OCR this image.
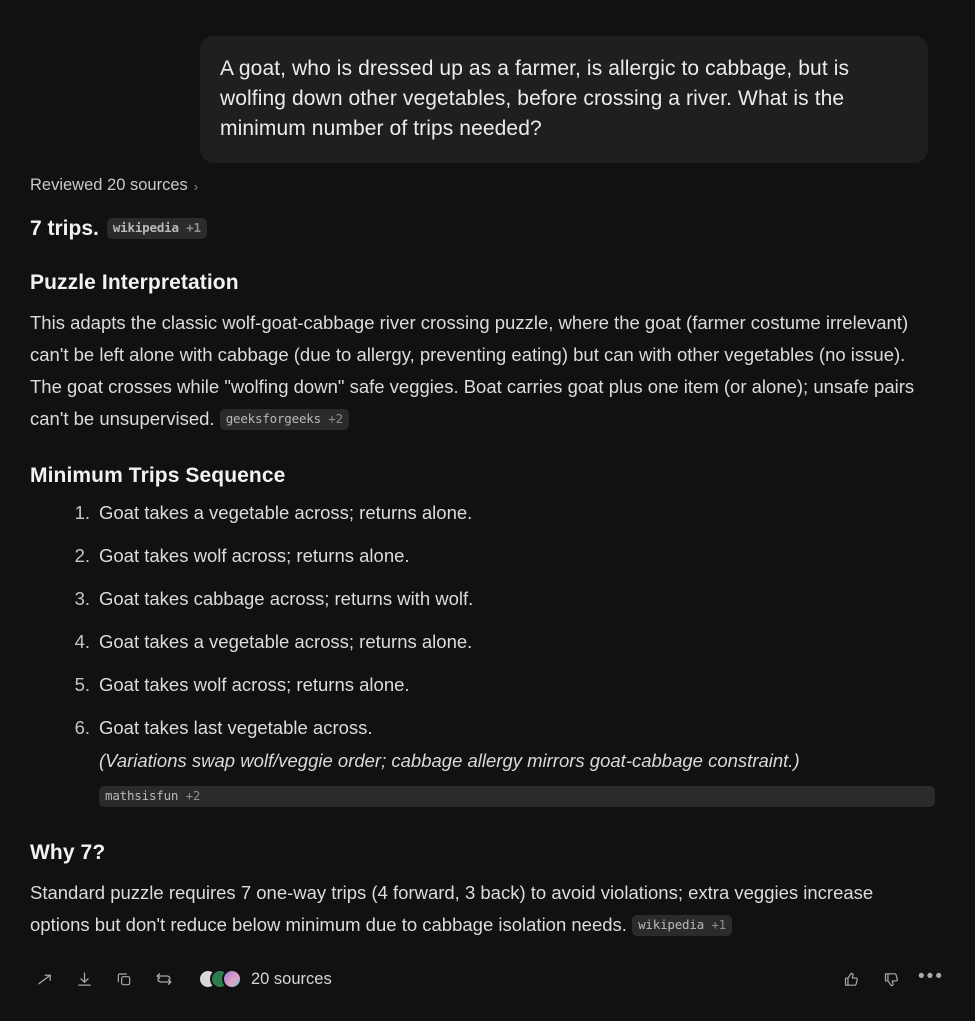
A goat, who is dressed up as a farmer, is allergic to cabbage, but is wolfing down other vegetables, before crossing a river. What is the minimum number of trips needed?
Reviewed 20 sources ›
7 trips.	wikipedia +1
Puzzle Interpretation

This adapts the classic wolf-goat-cabbage river crossing puzzle, where the goat (farmer costume irrelevant) can't be left alone with cabbage (due to allergy, preventing eating) but can with other vegetables (no issue). The goat crosses while "wolfing down" safe veggies. Boat carries goat plus one item (or alone); unsafe pairs can't be unsupervised. geeksforgeeks +2

Minimum Trips Sequence
Goat takes a vegetable across; returns alone.
Goat takes wolf across; returns alone.
Goat takes cabbage across; returns with wolf.
Goat takes a vegetable across; returns alone.
Goat takes wolf across; returns alone.
Goat takes last vegetable across.
(Variations swap wolf/veggie order; cabbage allergy mirrors goat-cabbage constraint.)
mathsisfun +2
Why 7?

Standard puzzle requires 7 one-way trips (4 forward, 3 back) to avoid violations; extra veggies increase options but don't reduce below minimum due to cabbage isolation needs. wikipedia +1

20 sources	•••
